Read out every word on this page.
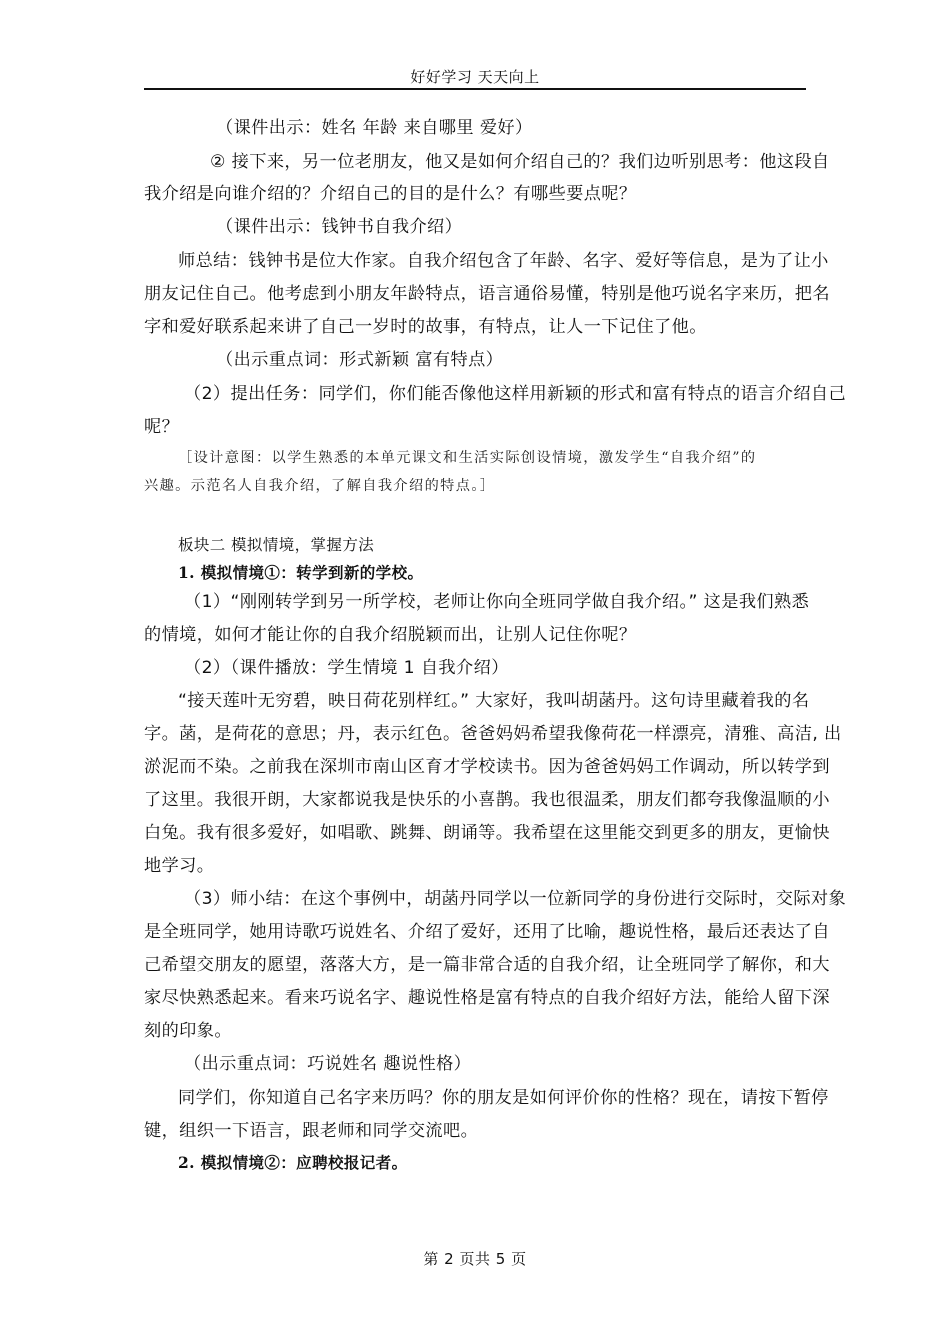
好好学习 天天向上
（课件出示：姓名 年龄 来自哪里 爱好）
② 接下来，另一位老朋友，他又是如何介绍自己的？我们边听别思考：他这段自
我介绍是向谁介绍的？介绍自己的目的是什么？有哪些要点呢？
（课件出示：钱钟书自我介绍）
师总结：钱钟书是位大作家。自我介绍包含了年龄、名字、爱好等信息，是为了让小
朋友记住自己。他考虑到小朋友年龄特点，语言通俗易懂，特别是他巧说名字来历，把名
字和爱好联系起来讲了自己一岁时的故事，有特点，让人一下记住了他。
（出示重点词：形式新颖 富有特点）
（2）提出任务：同学们，你们能否像他这样用新颖的形式和富有特点的语言介绍自己
呢？
［设计意图：以学生熟悉的本单元课文和生活实际创设情境，激发学生“自我介绍”的
兴趣。示范名人自我介绍，了解自我介绍的特点。］
板块二 模拟情境，掌握方法
1. 模拟情境①：转学到新的学校。
（1）“刚刚转学到另一所学校，老师让你向全班同学做自我介绍。” 这是我们熟悉
的情境，如何才能让你的自我介绍脱颖而出，让别人记住你呢？
（2）（课件播放：学生情境 1 自我介绍）
“接天莲叶无穷碧，映日荷花别样红。” 大家好，我叫胡菡丹。这句诗里藏着我的名
字。菡，是荷花的意思；丹，表示红色。爸爸妈妈希望我像荷花一样漂亮，清雅、高洁, 出
淤泥而不染。之前我在深圳市南山区育才学校读书。因为爸爸妈妈工作调动，所以转学到
了这里。我很开朗，大家都说我是快乐的小喜鹊。我也很温柔，朋友们都夸我像温顺的小
白兔。我有很多爱好，如唱歌、跳舞、朗诵等。我希望在这里能交到更多的朋友，更愉快
地学习。
（3）师小结：在这个事例中，胡菡丹同学以一位新同学的身份进行交际时，交际对象
是全班同学，她用诗歌巧说姓名、介绍了爱好，还用了比喻，趣说性格，最后还表达了自
己希望交朋友的愿望，落落大方，是一篇非常合适的自我介绍，让全班同学了解你，和大
家尽快熟悉起来。看来巧说名字、趣说性格是富有特点的自我介绍好方法，能给人留下深
刻的印象。
（出示重点词：巧说姓名 趣说性格）
同学们，你知道自己名字来历吗？你的朋友是如何评价你的性格？现在，请按下暂停
键，组织一下语言，跟老师和同学交流吧。
2. 模拟情境②：应聘校报记者。
第 2 页共 5 页
